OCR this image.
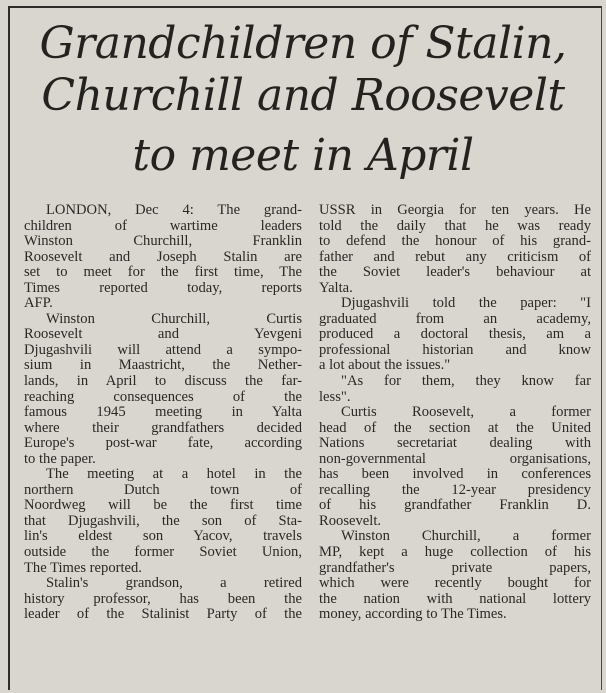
Grandchildren of Stalin,
Churchill and Roosevelt
to meet in April
LONDON, Dec 4: The grand-
children of wartime leaders
Winston Churchill, Franklin
Roosevelt and Joseph Stalin are
set to meet for the first time, The
Times reported today, reports
AFP.
Winston Churchill, Curtis
Roosevelt and Yevgeni
Djugashvili will attend a sympo-
sium in Maastricht, the Nether-
lands, in April to discuss the far-
reaching consequences of the
famous 1945 meeting in Yalta
where their grandfathers decided
Europe's post-war fate, according
to the paper.
The meeting at a hotel in the
northern Dutch town of
Noordweg will be the first time
that Djugashvili, the son of Sta-
lin's eldest son Yacov, travels
outside the former Soviet Union,
The Times reported.
Stalin's grandson, a retired
history professor, has been the
leader of the Stalinist Party of the
USSR in Georgia for ten years. He
told the daily that he was ready
to defend the honour of his grand-
father and rebut any criticism of
the Soviet leader's behaviour at
Yalta.
Djugashvili told the paper: "I
graduated from an academy,
produced a doctoral thesis, am a
professional historian and know
a lot about the issues."
"As for them, they know far
less".
Curtis Roosevelt, a former
head of the section at the United
Nations secretariat dealing with
non-governmental organisations,
has been involved in conferences
recalling the 12-year presidency
of his grandfather Franklin D.
Roosevelt.
Winston Churchill, a former
MP, kept a huge collection of his
grandfather's private papers,
which were recently bought for
the nation with national lottery
money, according to The Times.
